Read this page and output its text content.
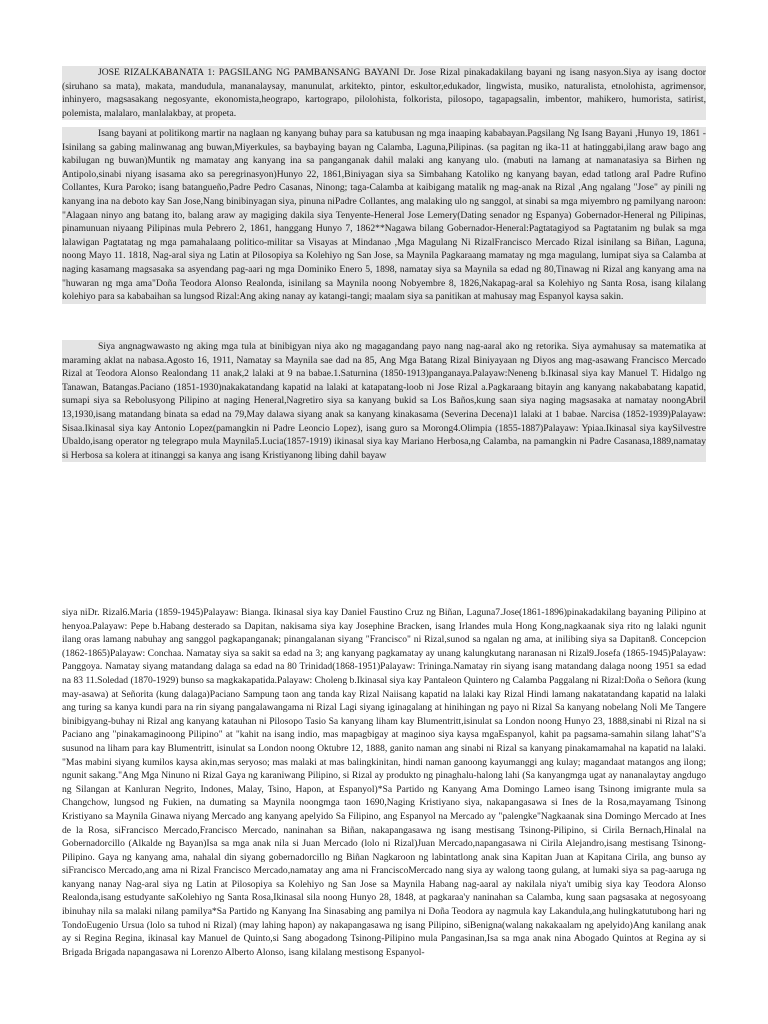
JOSE RIZALKABANATA 1: PAGSILANG NG PAMBANSANG BAYANI Dr. Jose Rizal pinakadakilang bayani ng isang nasyon.Siya ay isang doctor (siruhano sa mata), makata, mandudula, mananalaysay, manunulat, arkitekto, pintor, eskultor,edukador, lingwista, musiko, naturalista, etnolohista, agrimensor, inhinyero, magsasakang negosyante, ekonomista,heograpo, kartograpo, pilolohista, folkorista, pilosopo, tagapagsalin, imbentor, mahikero, humorista, satirist, polemista, malalaro, manlalakbay, at propeta.

Isang bayani at politikong martir na naglaan ng kanyang buhay para sa katubusan ng mga inaaping kababayan.Pagsilang Ng Isang Bayani ,Hunyo 19, 1861 - Isinilang sa gabing malinwanag ang buwan,Miyerkules, sa baybaying bayan ng Calamba, Laguna,Pilipinas. (sa pagitan ng ika-11 at hatinggabi,ilang araw bago ang kabilugan ng buwan)Muntik ng mamatay ang kanyang ina sa panganganak dahil malaki ang kanyang ulo. (mabuti na lamang at namanatasiya sa Birhen ng Antipolo,sinabi niyang isasama ako sa peregrinasyon)Hunyo 22, 1861,Biniyagan siya sa Simbahang Katoliko ng kanyang bayan, edad tatlong araI Padre Rufino Collantes, Kura Paroko; isang batangueño,Padre Pedro Casanas, Ninong; taga-Calamba at kaibigang matalik ng mag-anak na Rizal ,Ang ngalang "Jose" ay pinili ng kanyang ina na deboto kay San Jose,Nang binibinyagan siya, pinuna niPadre Collantes, ang malaking ulo ng sanggol, at sinabi sa mga miyembro ng pamilyang naroon: "Alagaan ninyo ang batang ito, balang araw ay magiging dakila siya Tenyente-Heneral Jose Lemery(Dating senador ng Espanya) Gobernador-Heneral ng Pilipinas, pinamunuan niyaang Pilipinas mula Pebrero 2, 1861, hanggang Hunyo 7, 1862**Nagawa bilang Gobernador-Heneral:Pagtatagiyod sa Pagtatanim ng bulak sa mga lalawigan Pagtatatag ng mga pamahalaang politico-militar sa Visayas at Mindanao ,Mga Magulang Ni RizalFrancisco Mercado Rizal isinilang sa Biñan, Laguna, noong Mayo 11. 1818, Nag-aral siya ng Latin at Pilosopiya sa Kolehiyo ng San Jose, sa Maynila Pagkaraang mamatay ng mga magulang, lumipat siya sa Calamba at naging kasamang magsasaka sa asyendang pag-aari ng mga Dominiko Enero 5, 1898, namatay siya sa Maynila sa edad ng 80,Tinawag ni Rizal ang kanyang ama na "huwaran ng mga ama"Doña Teodora Alonso Realonda, isinilang sa Maynila noong Nobyembre 8, 1826,Nakapag-aral sa Kolehiyo ng Santa Rosa, isang kilalang kolehiyo para sa kababaihan sa lungsod Rizal:Ang aking nanay ay katangi-tangi; maalam siya sa panitikan at mahusay mag Espanyol kaysa sakin.

Siya angnagwawasto ng aking mga tula at binibigyan niya ako ng magagandang payo nang nag-aaral ako ng retorika. Siya aymahusay sa matematika at maraming aklat na nabasa.Agosto 16, 1911, Namatay sa Maynila sae dad na 85, Ang Mga Batang Rizal Biniyayaan ng Diyos ang mag-asawang Francisco Mercado Rizal at Teodora Alonso Realondang 11 anak,2 lalaki at 9 na babae.1.Saturnina (1850-1913)panganaya.Palayaw:Neneng b.Ikinasal siya kay Manuel T. Hidalgo ng Tanawan, Batangas.Paciano (1851-1930)nakakatandang kapatid na lalaki at katapatang-loob ni Jose Rizal a.Pagkaraang bitayin ang kanyang nakababatang kapatid, sumapi siya sa Rebolusyong Pilipino at naging Heneral,Nagretiro siya sa kanyang bukid sa Los Baños,kung saan siya naging magsasaka at namatay noongAbril 13,1930,isang matandang binata sa edad na 79,May dalawa siyang anak sa kanyang kinakasama (Severina Decena)1 lalaki at 1 babae. Narcisa (1852-1939)Palayaw: Sisaa.Ikinasal siya kay Antonio Lopez(pamangkin ni Padre Leoncio Lopez), isang guro sa Morong4.Olimpia (1855-1887)Palayaw: Ypiaa.Ikinasal siya kaySilvestre Ubaldo,isang operator ng telegrapo mula Maynila5.Lucia(1857-1919) ikinasal siya kay Mariano Herbosa,ng Calamba, na pamangkin ni Padre Casanasa,1889,namatay si Herbosa sa kolera at itinanggi sa kanya ang isang Kristiyanong libing dahil bayaw

siya niDr. Rizal6.Maria (1859-1945)Palayaw: Bianga. Ikinasal siya kay Daniel Faustino Cruz ng Biñan, Laguna7.Jose(1861-1896)pinakadakilang bayaning Pilipino at henyoa.Palayaw: Pepe b.Habang desterado sa Dapitan, nakisama siya kay Josephine Bracken, isang Irlandes mula Hong Kong,nagkaanak siya rito ng lalaki ngunit ilang oras lamang nabuhay ang sanggol pagkapanganak; pinangalanan siyang "Francisco" ni Rizal,sunod sa ngalan ng ama, at inilibing siya sa Dapitan8. Concepcion (1862-1865)Palayaw: Conchaa. Namatay siya sa sakit sa edad na 3; ang kanyang pagkamatay ay unang kalungkutang naranasan ni Rizal9.Josefa (1865-1945)Palayaw: Panggoya. Namatay siyang matandang dalaga sa edad na 80 Trinidad(1868-1951)Palayaw: Trininga.Namatay rin siyang isang matandang dalaga noong 1951 sa edad na 83 11.Soledad (1870-1929) bunso sa magkakapatida.Palayaw: Choleng b.Ikinasal siya kay Pantaleon Quintero ng Calamba Paggalang ni Rizal:Doña o Señora (kung may-asawa) at Señorita (kung dalaga)Paciano Sampung taon ang tanda kay Rizal Naiisang kapatid na lalaki kay Rizal Hindi lamang nakatatandang kapatid na lalaki ang turing sa kanya kundi para na rin siyang pangalawangama ni Rizal Lagi siyang iginagalang at hinihingan ng payo ni Rizal Sa kanyang nobelang Noli Me Tangere binibigyang-buhay ni Rizal ang kanyang katauhan ni Pilosopo Tasio Sa kanyang liham kay Blumentritt,isinulat sa London noong Hunyo 23, 1888,sinabi ni Rizal na si Paciano ang "pinakamaginoong Pilipino" at "kahit na isang indio, mas mapagbigay at maginoo siya kaysa mgaEspanyol, kahit pa pagsama-samahin silang lahat"S'a susunod na liham para kay Blumentritt, isinulat sa London noong Oktubre 12, 1888, ganito naman ang sinabi ni Rizal sa kanyang pinakamamahal na kapatid na lalaki. "Mas mabini siyang kumilos kaysa akin,mas seryoso; mas malaki at mas balingkinitan, hindi naman ganoong kayumanggi ang kulay; magandaat matangos ang ilong; ngunit sakang."Ang Mga Ninuno ni Rizal Gaya ng karaniwang Pilipino, si Rizal ay produkto ng pinaghalu-halong lahi (Sa kanyangmga ugat ay nananalaytay angdugo ng Silangan at Kanluran Negrito, Indones, Malay, Tsino, Hapon, at Espanyol)*Sa Partido ng Kanyang Ama Domingo Lameo isang Tsinong imigrante mula sa Changchow, lungsod ng Fukien, na dumating sa Maynila noongmga taon 1690,Naging Kristiyano siya, nakapangasawa si Ines de la Rosa,mayamang Tsinong Kristiyano sa Maynila Ginawa niyang Mercado ang kanyang apelyido Sa Filipino, ang Espanyol na Mercado ay "palengke"Nagkaanak sina Domingo Mercado at Ines de la Rosa, siFrancisco Mercado,Francisco Mercado, naninahan sa Biñan, nakapangasawa ng isang mestisang Tsinong-Pilipino, si Cirila Bernach,Hinalal na Gobernadorcillo (Alkalde ng Bayan)Isa sa mga anak nila si Juan Mercado (lolo ni Rizal)Juan Mercado,napangasawa ni Cirila Alejandro,isang mestisang Tsinong-Pilipino. Gaya ng kanyang ama, nahalal din siyang gobernadorcillo ng Biñan Nagkaroon ng labintatlong anak sina Kapitan Juan at Kapitana Cirila, ang bunso ay siFrancisco Mercado,ang ama ni Rizal Francisco Mercado,namatay ang ama ni FranciscoMercado nang siya ay walong taong gulang, at lumaki siya sa pag-aaruga ng kanyang nanay Nag-aral siya ng Latin at Pilosopiya sa Kolehiyo ng San Jose sa Maynila Habang nag-aaral ay nakilala niya't umibig siya kay Teodora Alonso Realonda,isang estudyante saKolehiyo ng Santa Rosa,Ikinasal sila noong Hunyo 28, 1848, at pagkaraa'y naninahan sa Calamba, kung saan pagsasaka at negosyoang ibinuhay nila sa malaki nilang pamilya*Sa Partido ng Kanyang Ina Sinasabing ang pamilya ni Doña Teodora ay nagmula kay Lakandula,ang hulingkatutubong hari ng TondoEugenio Ursua (lolo sa tuhod ni Rizal) (may lahing hapon) ay nakapangasawa ng isang Pilipino, siBenigna(walang nakakaalam ng apelyido)Ang kanilang anak ay si Regina Regina, ikinasal kay Manuel de Quinto,si Sang abogadong Tsinong-Pilipino mula Pangasinan,Isa sa mga anak nina Abogado Quintos at Regina ay si Brigada Brigada napangasawa ni Lorenzo Alberto Alonso, isang kilalang mestisong Espanyol-
